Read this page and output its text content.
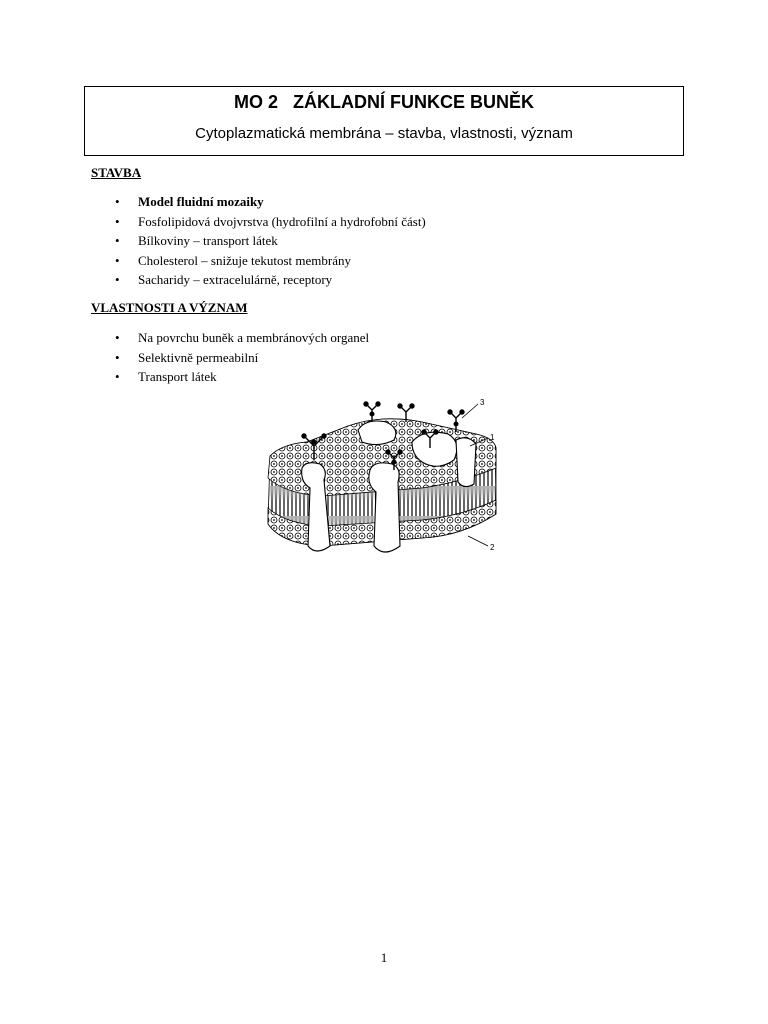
MO 2   ZÁKLADNÍ FUNKCE BUNĚK
Cytoplazmatická membrána – stavba, vlastnosti, význam
STAVBA
• Model fluidní mozaiky
• Fosfolipidová dvojvrstva (hydrofilní a hydrofobní část)
• Bílkoviny – transport látek
• Cholesterol – snižuje tekutost membrány
• Sacharidy – extracelulárně, receptory
VLASTNOSTI A VÝZNAM
• Na povrchu buněk a membránových organel
• Selektivně permeabilní
• Transport látek
3
1
2
1
